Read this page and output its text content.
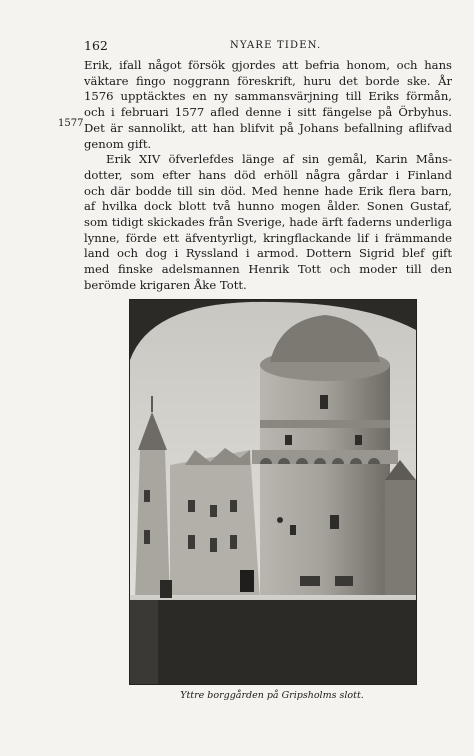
162	NYARE TIDEN.
1577
Erik, ifall något försök gjordes att befria honom, och hans
väktare fingo noggrann föreskrift, huru det borde ske. År
1576 upptäcktes en ny sammansvärjning till Eriks förmån,
och i februari 1577 afled denne i sitt fängelse på Örbyhus.
Det är sannolikt, att han blifvit på Johans befallning aflifvad
genom gift.
Erik XIV öfverlefdes länge af sin gemål, Karin Måns-
dotter, som efter hans död erhöll några gårdar i Finland
och där bodde till sin död. Med henne hade Erik flera barn,
af hvilka dock blott två hunno mogen ålder. Sonen Gustaf,
som tidigt skickades från Sverige, hade ärft faderns underliga
lynne, förde ett äfventyrligt, kringflackande lif i främmande
land och dog i Ryssland i armod. Dottern Sigrid blef gift
med finske adelsmannen Henrik Tott och moder till den
berömde krigaren Åke Tott.
Yttre borggården på Gripsholms slott.
